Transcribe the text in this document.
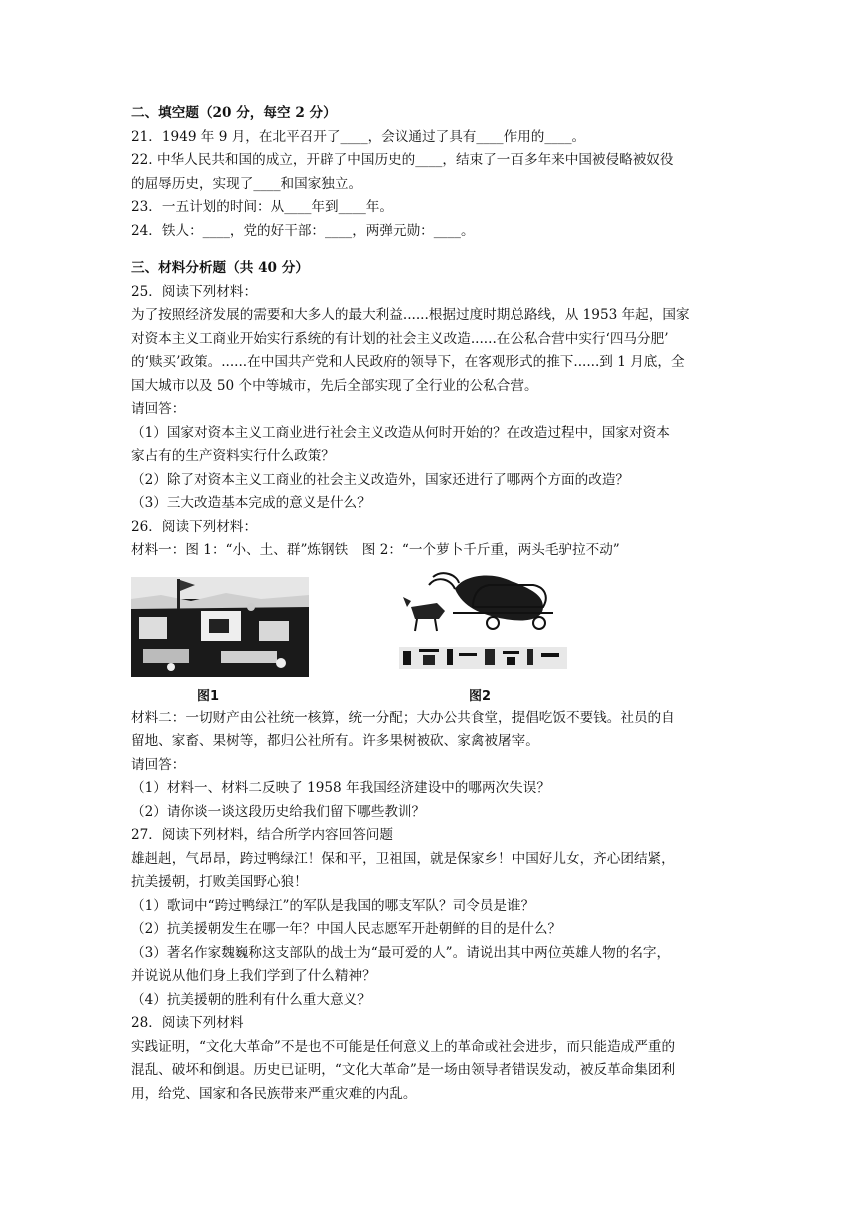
二、填空题（20 分，每空 2 分）
21．1949 年 9 月，在北平召开了____，会议通过了具有____作用的____。
22. 中华人民共和国的成立，开辟了中国历史的____，结束了一百多年来中国被侵略被奴役
的屈辱历史，实现了____和国家独立。
23．一五计划的时间：从____年到____年。
24．铁人：____，党的好干部：____，两弹元勋：____。
三、材料分析题（共 40 分）
25．阅读下列材料：
为了按照经济发展的需要和大多人的最大利益......根据过度时期总路线，从 1953 年起，国家
对资本主义工商业开始实行系统的有计划的社会主义改造......在公私合营中实行‘四马分肥’
的‘赎买’政策。......在中国共产党和人民政府的领导下，在客观形式的推下......到 1 月底，全
国大城市以及 50 个中等城市，先后全部实现了全行业的公私合营。
请回答：
（1）国家对资本主义工商业进行社会主义改造从何时开始的？在改造过程中，国家对资本
家占有的生产资料实行什么政策？
（2）除了对资本主义工商业的社会主义改造外，国家还进行了哪两个方面的改造？
（3）三大改造基本完成的意义是什么？
26．阅读下列材料：
材料一：图 1：“小、土、群”炼钢铁　图 2：“一个萝卜千斤重，两头毛驴拉不动”
图1	图2
材料二：一切财产由公社统一核算，统一分配；大办公共食堂，提倡吃饭不要钱。社员的自
留地、家畜、果树等，都归公社所有。许多果树被砍、家禽被屠宰。
请回答：
（1）材料一、材料二反映了 1958 年我国经济建设中的哪两次失误？
（2）请你谈一谈这段历史给我们留下哪些教训？
27．阅读下列材料，结合所学内容回答问题
雄赳赳，气昂昂，跨过鸭绿江！保和平，卫祖国，就是保家乡！中国好儿女，齐心团结紧，
抗美援朝，打败美国野心狼！
（1）歌词中“跨过鸭绿江”的军队是我国的哪支军队？司令员是谁？
（2）抗美援朝发生在哪一年？中国人民志愿军开赴朝鲜的目的是什么？
（3）著名作家魏巍称这支部队的战士为“最可爱的人”。请说出其中两位英雄人物的名字，
并说说从他们身上我们学到了什么精神？
（4）抗美援朝的胜利有什么重大意义？
28．阅读下列材料
实践证明，“文化大革命”不是也不可能是任何意义上的革命或社会进步，而只能造成严重的
混乱、破坏和倒退。历史已证明，“文化大革命”是一场由领导者错误发动，被反革命集团利
用，给党、国家和各民族带来严重灾难的内乱。
